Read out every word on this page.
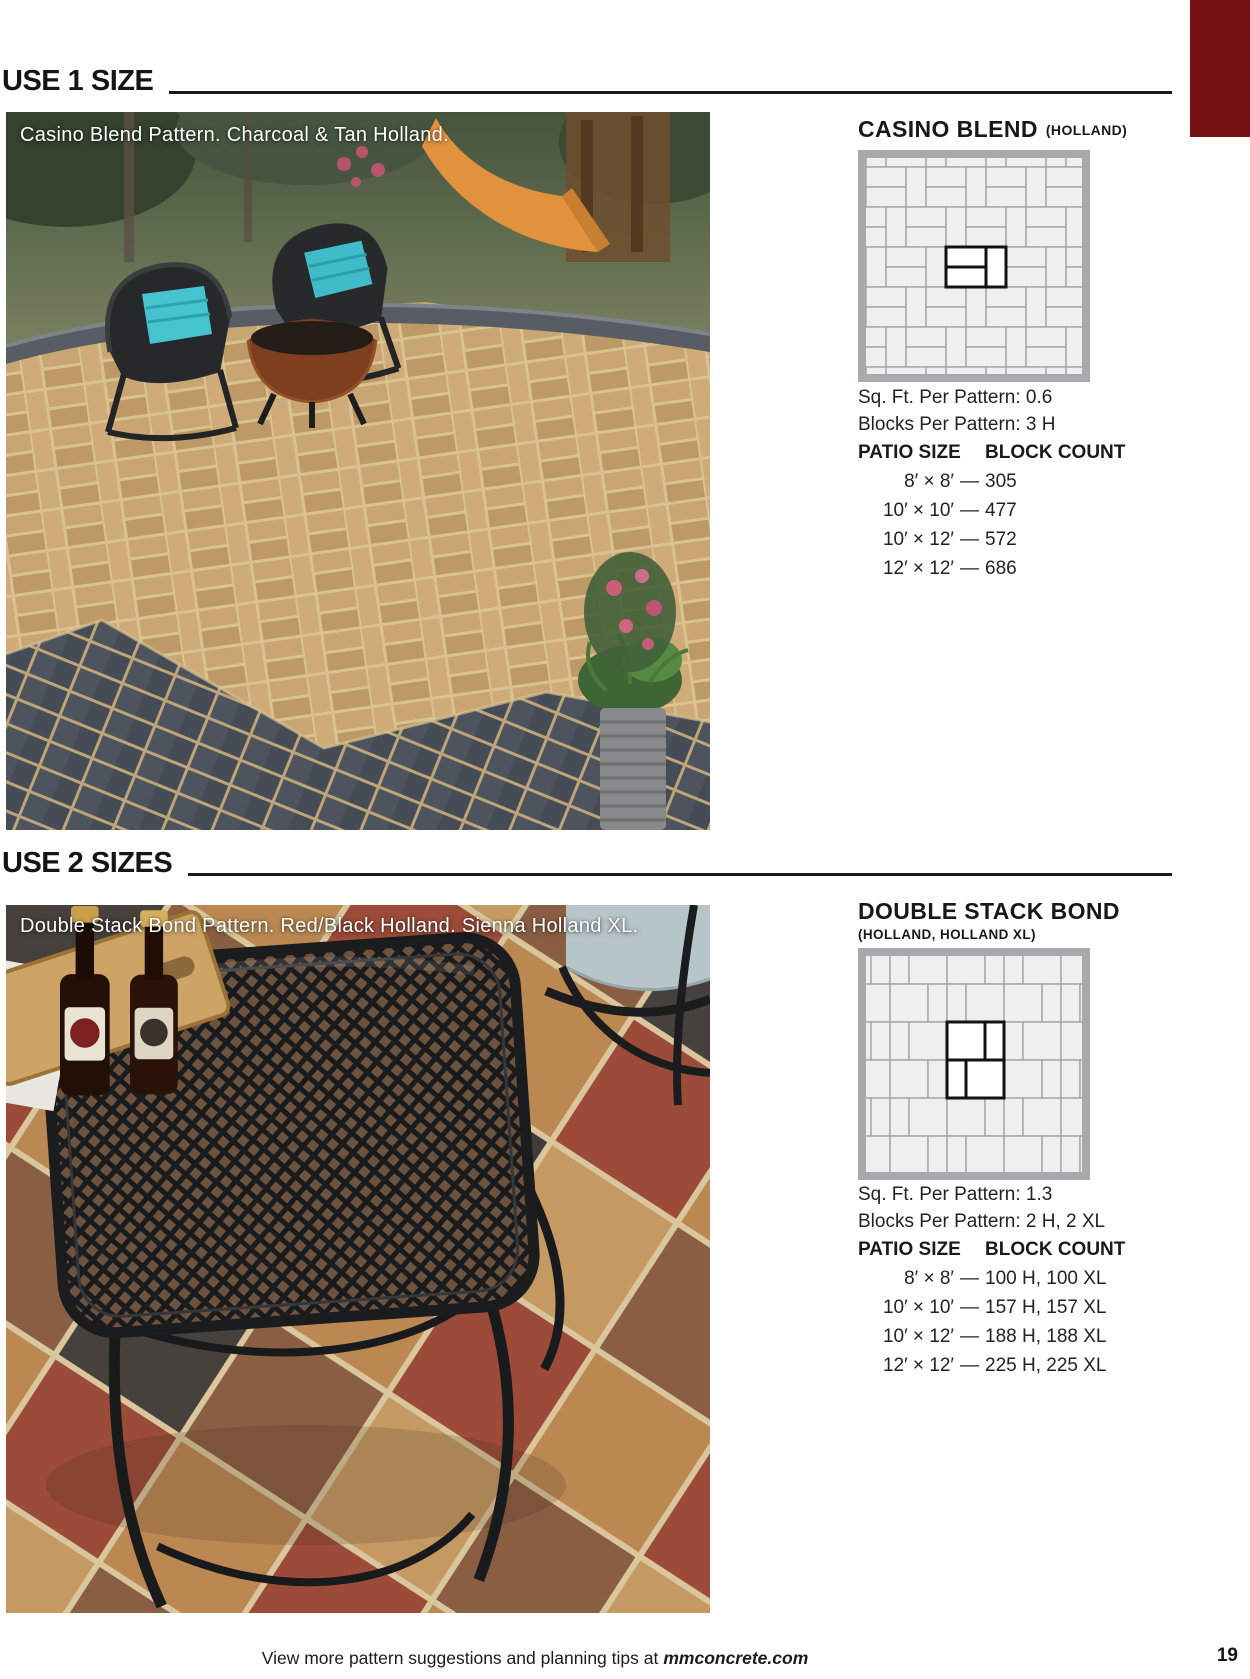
USE 1 SIZE
Casino Blend Pattern. Charcoal & Tan Holland.	CASINO BLEND (HOLLAND)

Sq. Ft. Per Pattern: 0.6

Blocks Per Pattern: 3 H

PATIO SIZE	BLOCK COUNT
8′ × 8′ — 305
10′ × 10′ — 477
10′ × 12′ — 572
12′ × 12′ — 686
USE 2 SIZES
Double Stack Bond Pattern. Red/Black Holland. Sienna Holland XL.
DOUBLE STACK BOND
(HOLLAND, HOLLAND XL)

Sq. Ft. Per Pattern: 1.3

Blocks Per Pattern: 2 H, 2 XL

PATIO SIZE	BLOCK COUNT
8′ × 8′ — 100 H, 100 XL
10′ × 10′ — 157 H, 157 XL
10′ × 12′ — 188 H, 188 XL
12′ × 12′ — 225 H, 225 XL
View more pattern suggestions and planning tips at mmconcrete.com	19
